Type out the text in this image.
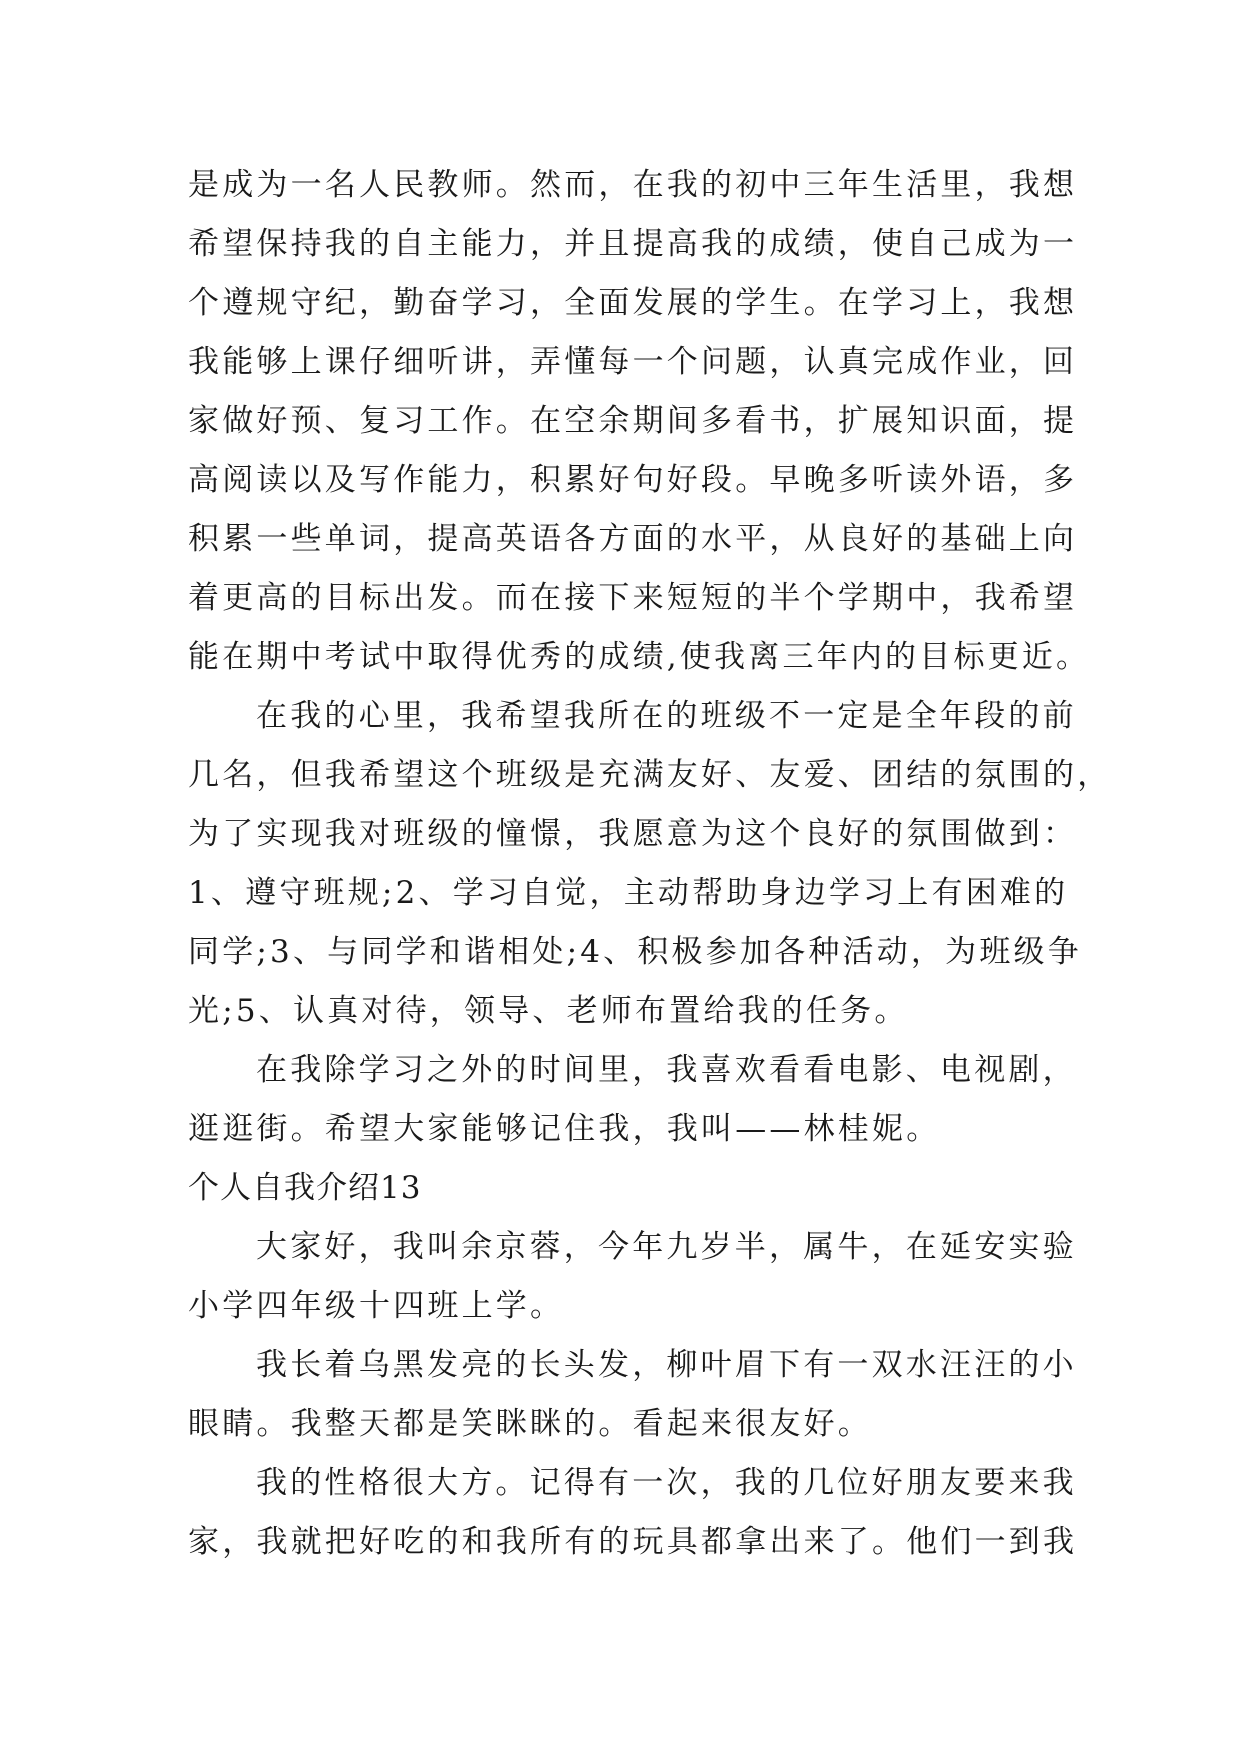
是成为一名人民教师。然而，在我的初中三年生活里，我想
希望保持我的自主能力，并且提高我的成绩，使自己成为一
个遵规守纪，勤奋学习，全面发展的学生。在学习上，我想
我能够上课仔细听讲，弄懂每一个问题，认真完成作业，回
家做好预、复习工作。在空余期间多看书，扩展知识面，提
高阅读以及写作能力，积累好句好段。早晚多听读外语，多
积累一些单词，提高英语各方面的水平，从良好的基础上向
着更高的目标出发。而在接下来短短的半个学期中，我希望
能在期中考试中取得优秀的成绩,使我离三年内的目标更近。
在我的心里，我希望我所在的班级不一定是全年段的前
几名，但我希望这个班级是充满友好、友爱、团结的氛围的，
为了实现我对班级的憧憬，我愿意为这个良好的氛围做到：
1、遵守班规;2、学习自觉，主动帮助身边学习上有困难的
同学;3、与同学和谐相处;4、积极参加各种活动，为班级争
光;5、认真对待，领导、老师布置给我的任务。
在我除学习之外的时间里，我喜欢看看电影、电视剧，
逛逛街。希望大家能够记住我，我叫——林桂妮。
个人自我介绍13
大家好，我叫余京蓉，今年九岁半，属牛，在延安实验
小学四年级十四班上学。
我长着乌黑发亮的长头发，柳叶眉下有一双水汪汪的小
眼睛。我整天都是笑眯眯的。看起来很友好。
我的性格很大方。记得有一次，我的几位好朋友要来我
家，我就把好吃的和我所有的玩具都拿出来了。他们一到我
